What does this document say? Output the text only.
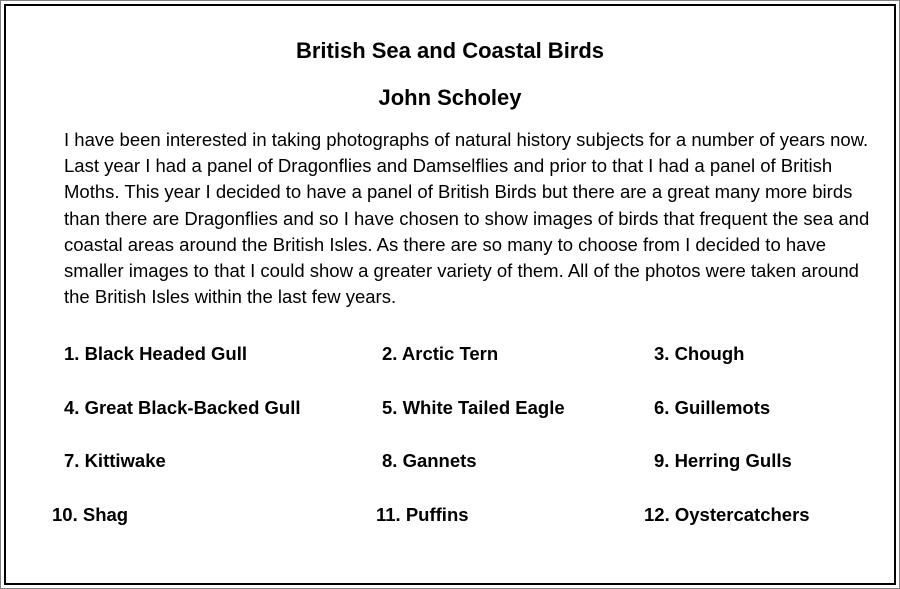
British Sea and Coastal Birds
John Scholey

I have been interested in taking photographs of natural history subjects for a number of years now. Last year I had a panel of Dragonflies and Damselflies and prior to that I had a panel of British Moths. This year I decided to have a panel of British Birds but there are a great many more birds than there are Dragonflies and so I have chosen to show images of birds that frequent the sea and coastal areas around the British Isles. As there are so many to choose from I decided to have smaller images to that I could show a greater variety of them. All of the photos were taken around the British Isles within the last few years.

1. Black Headed Gull	2. Arctic Tern	3. Chough
4. Great Black-Backed Gull	5. White Tailed Eagle	6. Guillemots
7. Kittiwake	8. Gannets	9. Herring Gulls
10. Shag	11. Puffins	12. Oystercatchers
